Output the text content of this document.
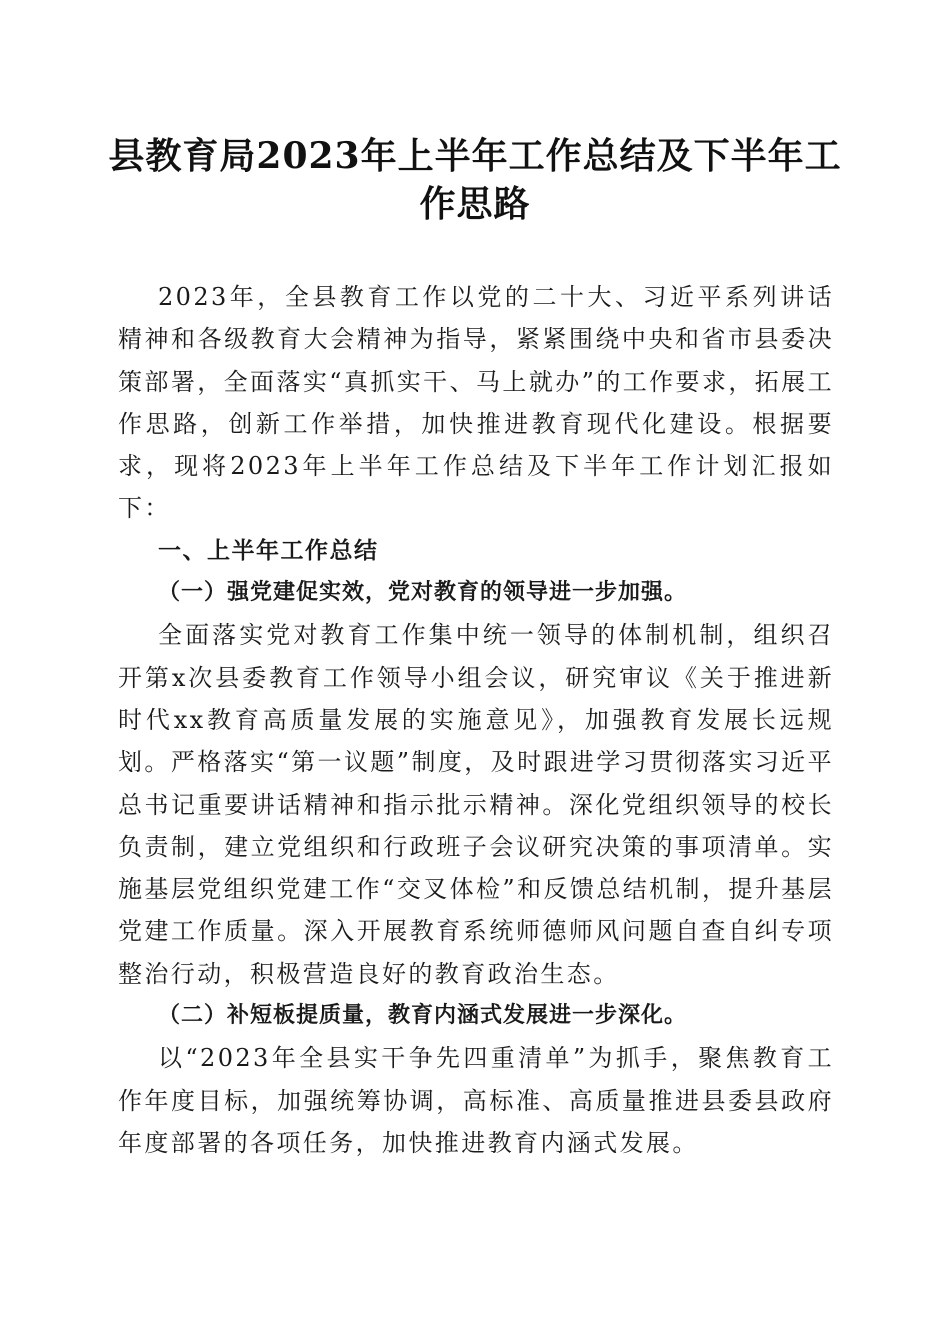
县教育局2023年上半年工作总结及下半年工作思路

2023年，全县教育工作以党的二十大、习近平系列讲话精神和各级教育大会精神为指导，紧紧围绕中央和省市县委决策部署，全面落实“真抓实干、马上就办”的工作要求，拓展工作思路，创新工作举措，加快推进教育现代化建设。根据要求，现将2023年上半年工作总结及下半年工作计划汇报如下：

一、上半年工作总结

（一）强党建促实效，党对教育的领导进一步加强。

全面落实党对教育工作集中统一领导的体制机制，组织召开第x次县委教育工作领导小组会议，研究审议《关于推进新时代xx教育高质量发展的实施意见》，加强教育发展长远规划。严格落实“第一议题”制度，及时跟进学习贯彻落实习近平总书记重要讲话精神和指示批示精神。深化党组织领导的校长负责制，建立党组织和行政班子会议研究决策的事项清单。实施基层党组织党建工作“交叉体检”和反馈总结机制，提升基层党建工作质量。深入开展教育系统师德师风问题自查自纠专项整治行动，积极营造良好的教育政治生态。

（二）补短板提质量，教育内涵式发展进一步深化。

以“2023年全县实干争先四重清单”为抓手，聚焦教育工作年度目标，加强统筹协调，高标准、高质量推进县委县政府年度部署的各项任务，加快推进教育内涵式发展。
